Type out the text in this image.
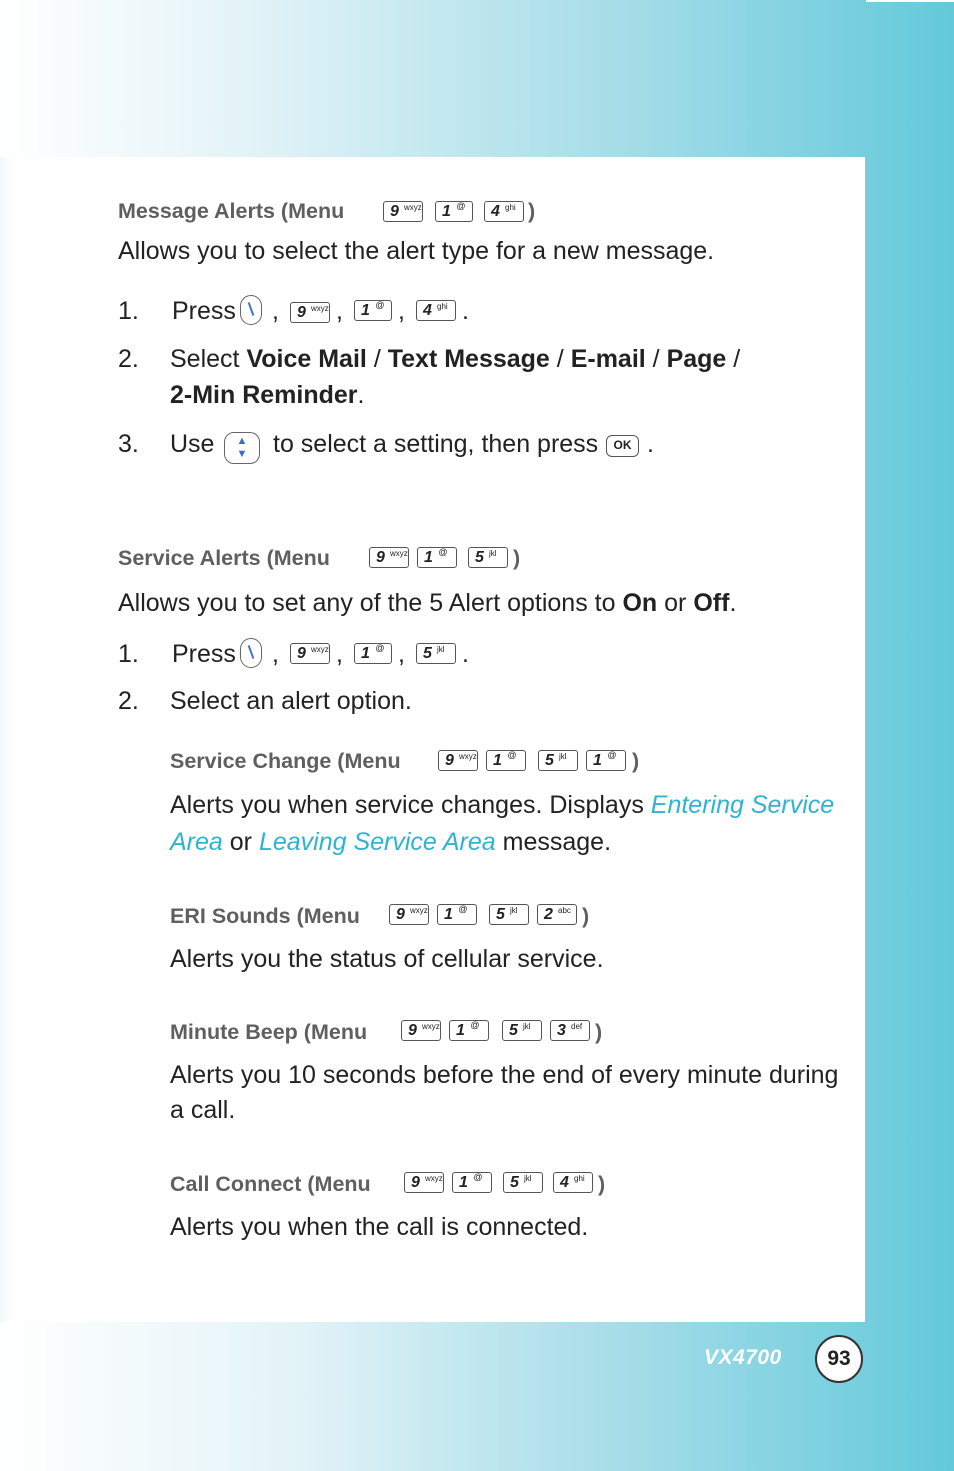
Message Alerts (Menu	9 wxyz 1 @ 4 ghi )
Allows you to select the alert type for a new message.
1. Press , 9 wxyz , 1 @ , 4 ghi .
2. Select Voice Mail / Text Message / E-mail / Page /
2-Min Reminder.
3. Use	▲
▼	to select a setting, then press	OK .
Service Alerts (Menu	9 wxyz 1 @ 5 jkl )
Allows you to set any of the 5 Alert options to On or Off.
1. Press , 9 wxyz , 1 @ , 5 jkl .
2. Select an alert option.
Service Change (Menu	9 wxyz 1 @ 5 jkl 1 @ )
Alerts you when service changes. Displays Entering Service
Area or Leaving Service Area message.
ERI Sounds (Menu 9 wxyz 1 @ 5 jkl 2 abc )
Alerts you the status of cellular service.
Minute Beep (Menu	9 wxyz 1 @ 5 jkl 3 def )
Alerts you 10 seconds before the end of every minute during
a call.
Call Connect (Menu	9 wxyz 1 @ 5 jkl 4 ghi )
Alerts you when the call is connected.
VX4700	93
